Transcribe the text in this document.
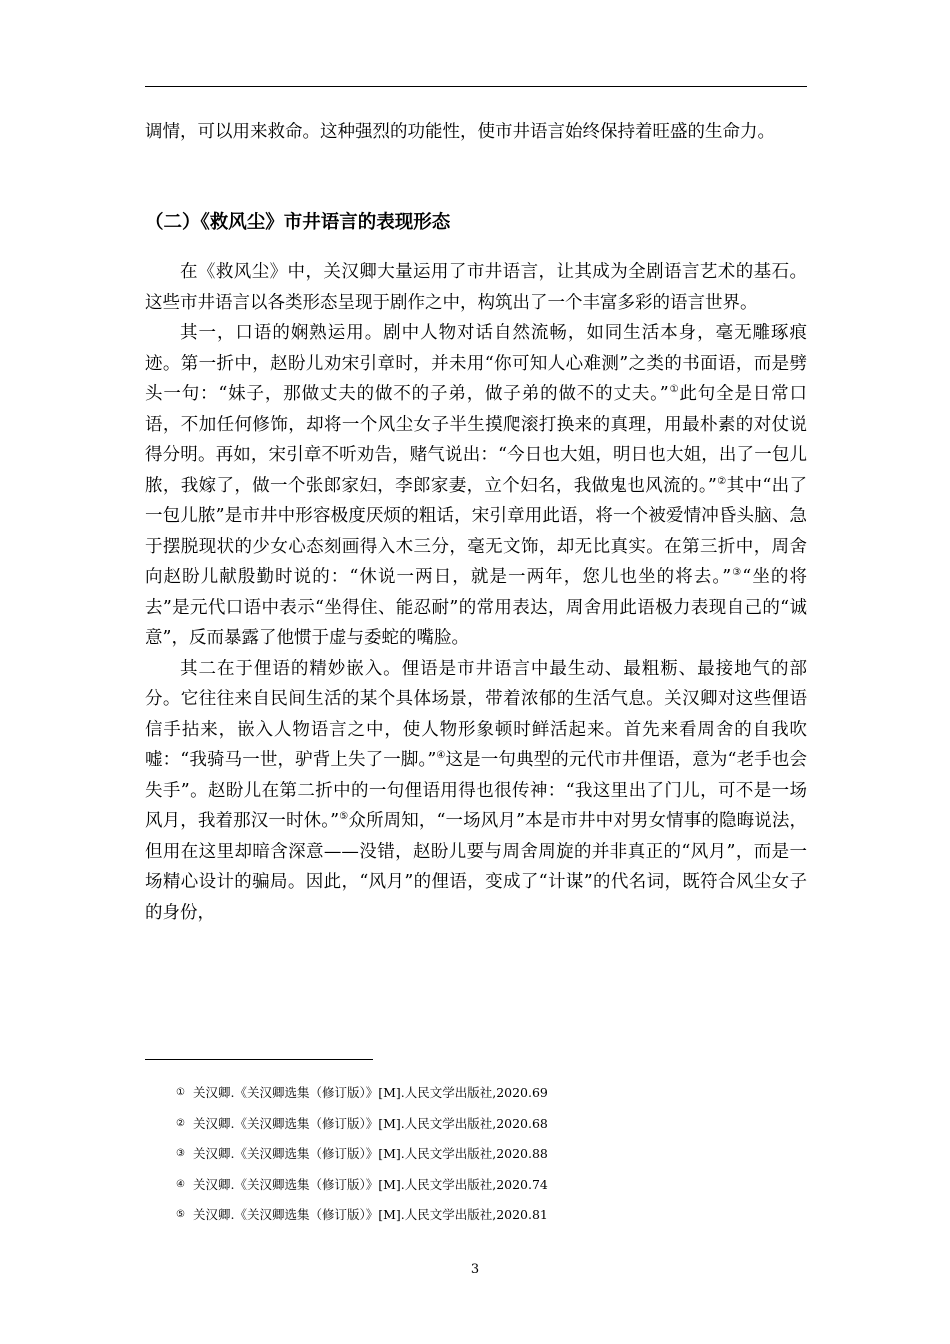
调情，可以用来救命。这种强烈的功能性，使市井语言始终保持着旺盛的生命力。

（二）《救风尘》市井语言的表现形态

在《救风尘》中，关汉卿大量运用了市井语言，让其成为全剧语言艺术的基石。这些市井语言以各类形态呈现于剧作之中，构筑出了一个丰富多彩的语言世界。

其一，口语的娴熟运用。剧中人物对话自然流畅，如同生活本身，毫无雕琢痕迹。第一折中，赵盼儿劝宋引章时，并未用“你可知人心难测”之类的书面语，而是劈头一句：“妹子，那做丈夫的做不的子弟，做子弟的做不的丈夫。”①此句全是日常口语，不加任何修饰，却将一个风尘女子半生摸爬滚打换来的真理，用最朴素的对仗说得分明。再如，宋引章不听劝告，赌气说出：“今日也大姐，明日也大姐，出了一包儿脓，我嫁了，做一个张郎家妇，李郎家妻，立个妇名，我做鬼也风流的。”②其中“出了一包儿脓”是市井中形容极度厌烦的粗话，宋引章用此语，将一个被爱情冲昏头脑、急于摆脱现状的少女心态刻画得入木三分，毫无文饰，却无比真实。在第三折中，周舍向赵盼儿献殷勤时说的：“休说一两日，就是一两年，您儿也坐的将去。”③“坐的将去”是元代口语中表示“坐得住、能忍耐”的常用表达，周舍用此语极力表现自己的“诚意”，反而暴露了他惯于虚与委蛇的嘴脸。

其二在于俚语的精妙嵌入。俚语是市井语言中最生动、最粗粝、最接地气的部分。它往往来自民间生活的某个具体场景，带着浓郁的生活气息。关汉卿对这些俚语信手拈来，嵌入人物语言之中，使人物形象顿时鲜活起来。首先来看周舍的自我吹嘘：“我骑马一世，驴背上失了一脚。”④这是一句典型的元代市井俚语，意为“老手也会失手”。赵盼儿在第二折中的一句俚语用得也很传神：“我这里出了门儿，可不是一场风月，我着那汉一时休。”⑤众所周知，“一场风月”本是市井中对男女情事的隐晦说法，但用在这里却暗含深意——没错，赵盼儿要与周舍周旋的并非真正的“风月”，而是一场精心设计的骗局。因此，“风月”的俚语，变成了“计谋”的代名词，既符合风尘女子的身份，

① 关汉卿.《关汉卿选集（修订版）》[M].人民文学出版社,2020.69
② 关汉卿.《关汉卿选集（修订版）》[M].人民文学出版社,2020.68
③ 关汉卿.《关汉卿选集（修订版）》[M].人民文学出版社,2020.88
④ 关汉卿.《关汉卿选集（修订版）》[M].人民文学出版社,2020.74
⑤ 关汉卿.《关汉卿选集（修订版）》[M].人民文学出版社,2020.81
3
